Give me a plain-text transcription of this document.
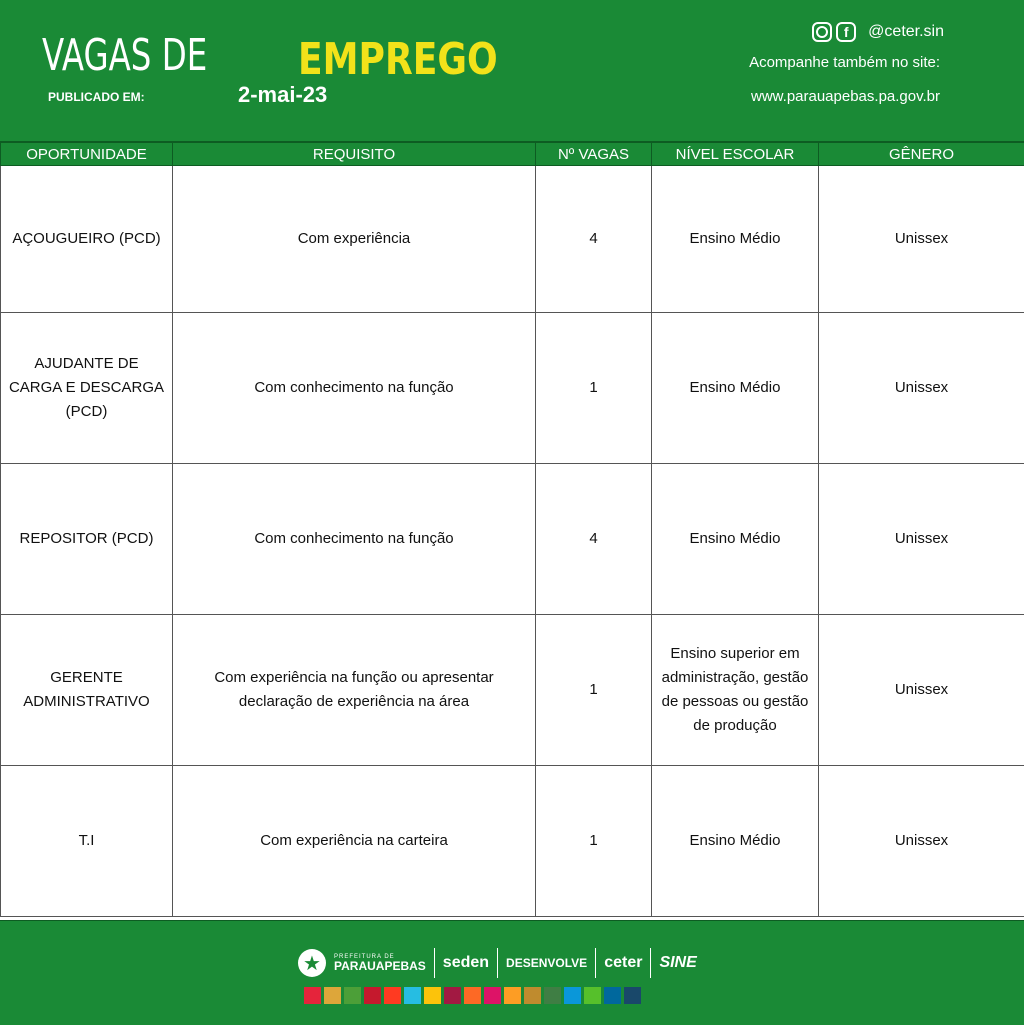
VAGAS DE EMPREGO
PUBLICADO EM:	2-mai-23
f	@ceter.sin
Acompanhe também no site:
www.parauapebas.pa.gov.br
OPORTUNIDADE	REQUISITO	Nº VAGAS	NÍVEL ESCOLAR	GÊNERO
AÇOUGUEIRO (PCD)	Com experiência	4	Ensino Médio	Unissex
AJUDANTE DE CARGA E DESCARGA (PCD)	Com conhecimento na função	1	Ensino Médio	Unissex
REPOSITOR (PCD)	Com conhecimento na função	4	Ensino Médio	Unissex
GERENTE ADMINISTRATIVO	Com experiência na função ou apresentar declaração de experiência na área	1	Ensino superior em administração, gestão de pessoas ou gestão de produção	Unissex
T.I	Com experiência na carteira	1	Ensino Médio	Unissex
★	PREFEITURA DE
PARAUAPEBAS seden DESENVOLVE ceter SINE
